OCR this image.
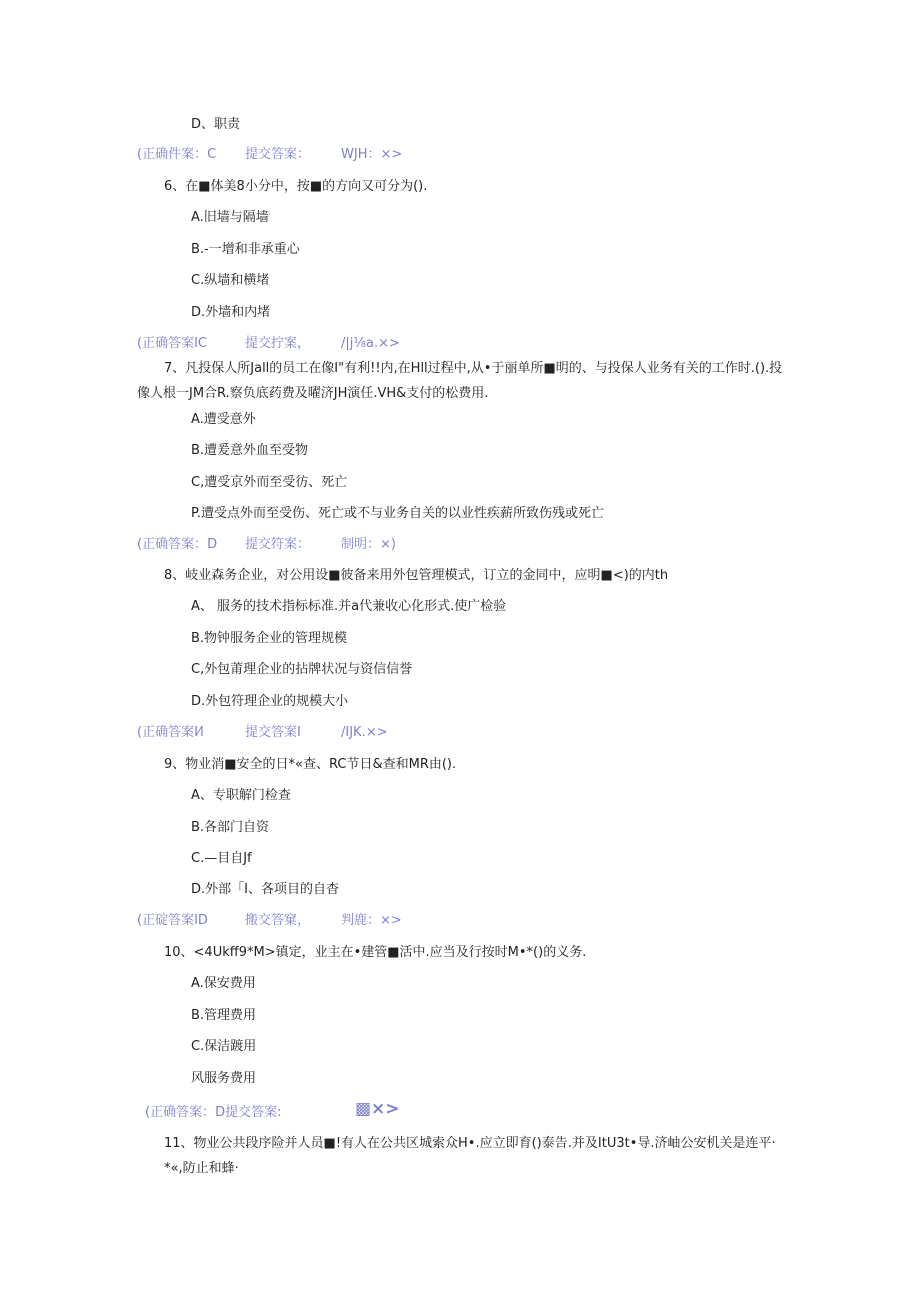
D、职责
(正确件案：C 提交答案： WJH：×>
6、在■体美8小分中，按■的方向又可分为().
A.旧墙与隔墙
B.-一增和非承重心
C.纵墙和横堵
D.外墙和内堵
(正确答案IC	提交拧案， /|j⅛a.×>
7、凡投保人所Jall的员工在像I"有利!!内,在Hll过程中,从•于丽单所■明的、与投保人业务有关的工作时.().投
像人根一JM合R.察负底药费及曜济JH演任.VH&支付的松费用.
A.遭受意外
B.遭爰意外血至受物
C,遭受京外而至受彷、死亡
P.遭受点外而至受伤、死亡或不与业务自关的以业性疾薪所致伤残或死亡
(正确答案：D 提交符案： 制明：×)
8、岐业森务企业，对公用设■彼备来用外包管理模式，订立的金同中，应明■<)的内th
A、 服务的技术指标标准.并a代兼收心化形式.使广检验
B.物钟服务企业的管理规模
C,外包莆理企业的拈牌状况与资信信誉
D.外包符理企业的规模大小
(正确答案I⁄l	提交答案I	/IJK.×>
9、物业消■安全的日*«查、RC节日&查和MR由().
A、专职解门检查
B.各部门自资
C.—目自Jf
D.外部「I、各项目的自杳
(正碇答案ID	搬交答窠， 判鹿：×>
10、<4Ukff9*M>镇定，业主在•建管■活中.应当及行按时M•*()的义务.
A.保安费用
B.管理费用
C.保洁踱用
风服务费用
(正确答案：D提交答案:	▩×>
11、物业公共段序险并人员■!有人在公共区城索众H•.应立即育()泰告.并及ItU3t•导.济岫公安机关是连平·
*«,防止和蜂·
